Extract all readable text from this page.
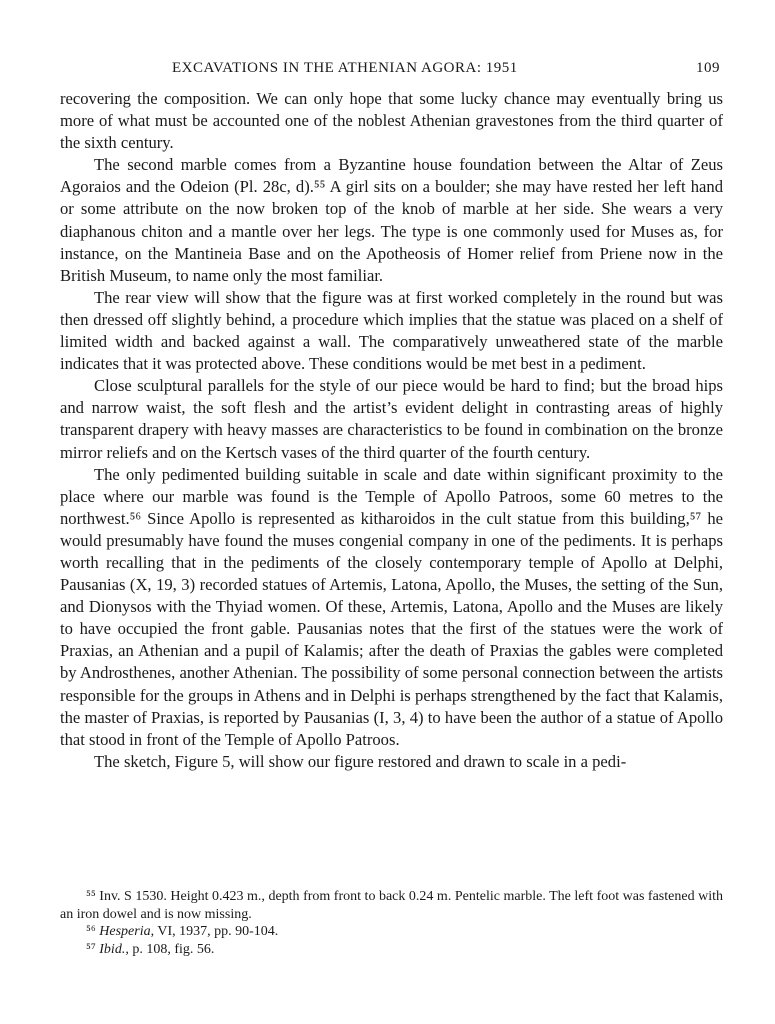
EXCAVATIONS IN THE ATHENIAN AGORA: 1951	109

recovering the composition. We can only hope that some lucky chance may eventually bring us more of what must be accounted one of the noblest Athenian gravestones from the third quarter of the sixth century.

The second marble comes from a Byzantine house foundation between the Altar of Zeus Agoraios and the Odeion (Pl. 28c, d).⁵⁵ A girl sits on a boulder; she may have rested her left hand or some attribute on the now broken top of the knob of marble at her side. She wears a very diaphanous chiton and a mantle over her legs. The type is one commonly used for Muses as, for instance, on the Mantineia Base and on the Apotheosis of Homer relief from Priene now in the British Museum, to name only the most familiar.

The rear view will show that the figure was at first worked completely in the round but was then dressed off slightly behind, a procedure which implies that the statue was placed on a shelf of limited width and backed against a wall. The comparatively unweathered state of the marble indicates that it was protected above. These conditions would be met best in a pediment.

Close sculptural parallels for the style of our piece would be hard to find; but the broad hips and narrow waist, the soft flesh and the artist’s evident delight in contrasting areas of highly transparent drapery with heavy masses are characteristics to be found in combination on the bronze mirror reliefs and on the Kertsch vases of the third quarter of the fourth century.

The only pedimented building suitable in scale and date within significant proximity to the place where our marble was found is the Temple of Apollo Patroos, some 60 metres to the northwest.⁵⁶ Since Apollo is represented as kitharoidos in the cult statue from this building,⁵⁷ he would presumably have found the muses congenial company in one of the pediments. It is perhaps worth recalling that in the pediments of the closely contemporary temple of Apollo at Delphi, Pausanias (X, 19, 3) recorded statues of Artemis, Latona, Apollo, the Muses, the setting of the Sun, and Dionysos with the Thyiad women. Of these, Artemis, Latona, Apollo and the Muses are likely to have occupied the front gable. Pausanias notes that the first of the statues were the work of Praxias, an Athenian and a pupil of Kalamis; after the death of Praxias the gables were completed by Androsthenes, another Athenian. The possibility of some personal connection between the artists responsible for the groups in Athens and in Delphi is perhaps strengthened by the fact that Kalamis, the master of Praxias, is reported by Pausanias (I, 3, 4) to have been the author of a statue of Apollo that stood in front of the Temple of Apollo Patroos.

The sketch, Figure 5, will show our figure restored and drawn to scale in a pedi-

⁵⁵ Inv. S 1530. Height 0.423 m., depth from front to back 0.24 m. Pentelic marble. The left foot was fastened with an iron dowel and is now missing.

⁵⁶ Hesperia, VI, 1937, pp. 90-104.

⁵⁷ Ibid., p. 108, fig. 56.
